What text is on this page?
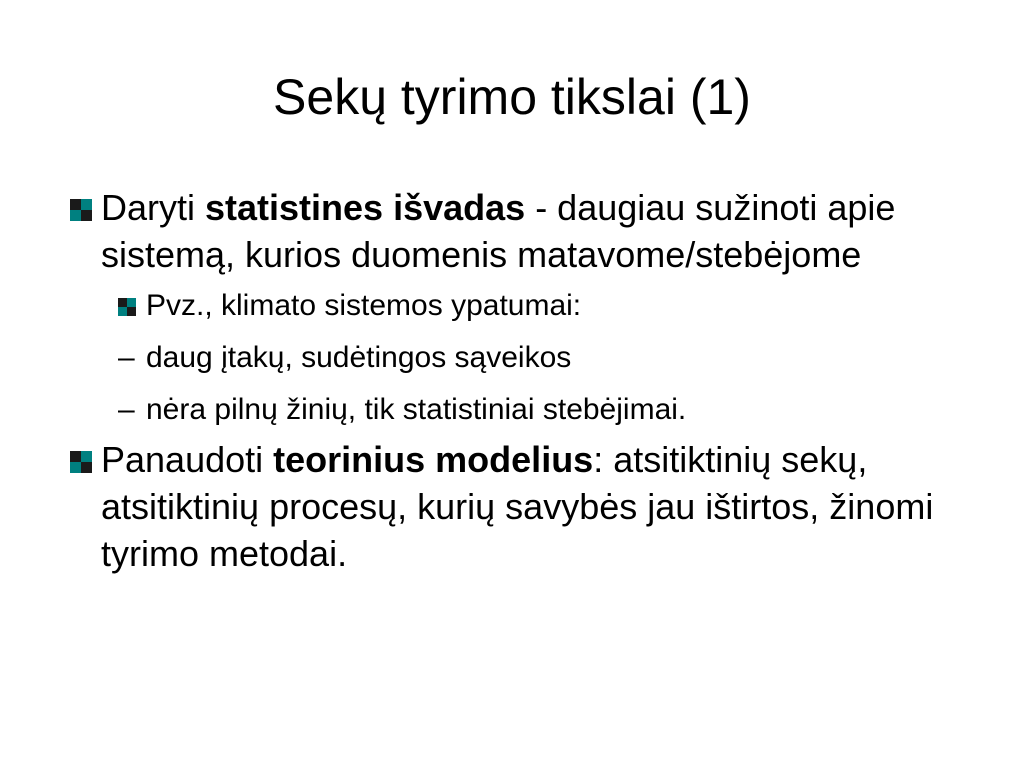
Sekų tyrimo tikslai (1)
Daryti statistines išvadas - daugiau sužinoti apie sistemą, kurios duomenis matavome/stebėjome
Pvz., klimato sistemos ypatumai:
– daug įtakų, sudėtingos sąveikos
– nėra pilnų žinių, tik statistiniai stebėjimai.
Panaudoti teorinius modelius: atsitiktinių sekų, atsitiktinių procesų, kurių savybės jau ištirtos, žinomi tyrimo metodai.
